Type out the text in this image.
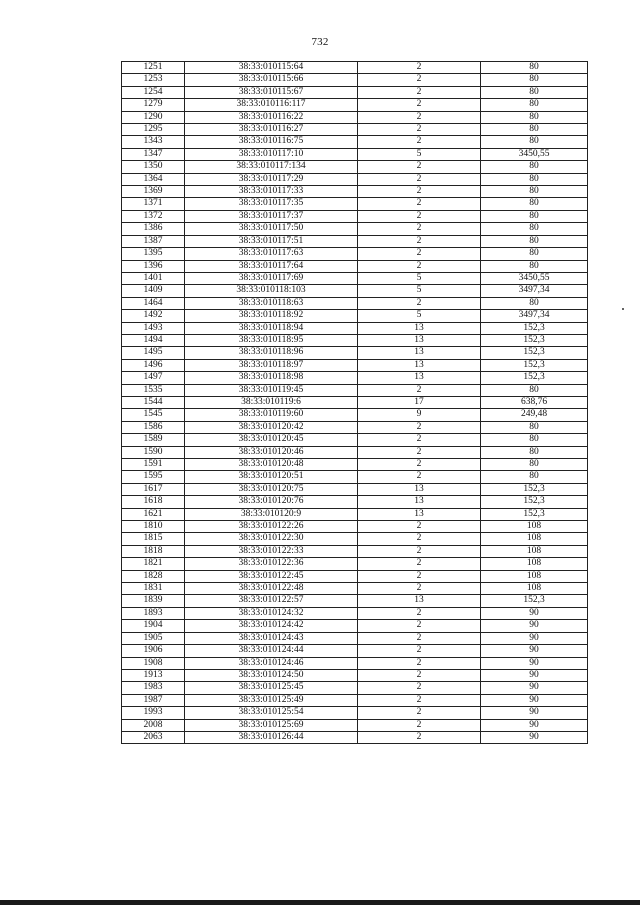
732
1251	38:33:010115:64	2	80
1253	38:33:010115:66	2	80
1254	38:33:010115:67	2	80
1279	38:33:010116:117	2	80
1290	38:33:010116:22	2	80
1295	38:33:010116:27	2	80
1343	38:33:010116:75	2	80
1347	38:33:010117:10	5	3450,55
1350	38:33:010117:134	2	80
1364	38:33:010117:29	2	80
1369	38:33:010117:33	2	80
1371	38:33:010117:35	2	80
1372	38:33:010117:37	2	80
1386	38:33:010117:50	2	80
1387	38:33:010117:51	2	80
1395	38:33:010117:63	2	80
1396	38:33:010117:64	2	80
1401	38:33:010117:69	5	3450,55
1409	38:33:010118:103	5	3497,34
1464	38:33:010118:63	2	80
1492	38:33:010118:92	5	3497,34
1493	38:33:010118:94	13	152,3
1494	38:33:010118:95	13	152,3
1495	38:33:010118:96	13	152,3
1496	38:33:010118:97	13	152,3
1497	38:33:010118:98	13	152,3
1535	38:33:010119:45	2	80
1544	38:33:010119:6	17	638,76
1545	38:33:010119:60	9	249,48
1586	38:33:010120:42	2	80
1589	38:33:010120:45	2	80
1590	38:33:010120:46	2	80
1591	38:33:010120:48	2	80
1595	38:33:010120:51	2	80
1617	38:33:010120:75	13	152,3
1618	38:33:010120:76	13	152,3
1621	38:33:010120:9	13	152,3
1810	38:33:010122:26	2	108
1815	38:33:010122:30	2	108
1818	38:33:010122:33	2	108
1821	38:33:010122:36	2	108
1828	38:33:010122:45	2	108
1831	38:33:010122:48	2	108
1839	38:33:010122:57	13	152,3
1893	38:33:010124:32	2	90
1904	38:33:010124:42	2	90
1905	38:33:010124:43	2	90
1906	38:33:010124:44	2	90
1908	38:33:010124:46	2	90
1913	38:33:010124:50	2	90
1983	38:33:010125:45	2	90
1987	38:33:010125:49	2	90
1993	38:33:010125:54	2	90
2008	38:33:010125:69	2	90
2063	38:33:010126:44	2	90
